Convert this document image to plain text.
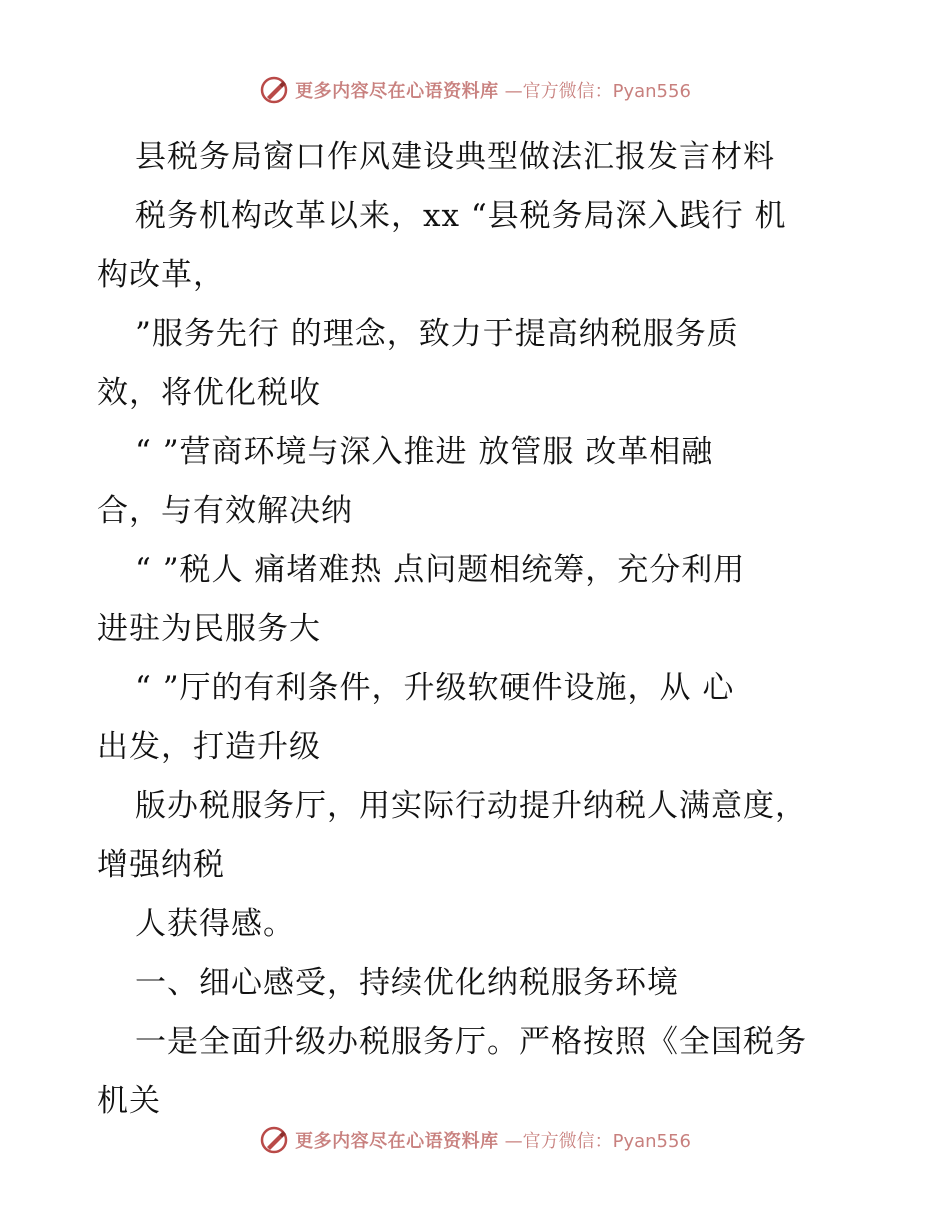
更多内容尽在心语资料库 —官方微信：Pyan556
县税务局窗口作风建设典型做法汇报发言材料
税务机构改革以来，xx “县税务局深入践行 机
构改革，
”服务先行 的理念，致力于提高纳税服务质
效，将优化税收
“ ”营商环境与深入推进 放管服 改革相融
合，与有效解决纳
“ ”税人 痛堵难热 点问题相统筹，充分利用
进驻为民服务大
“ ”厅的有利条件，升级软硬件设施，从 心
出发，打造升级
版办税服务厅，用实际行动提升纳税人满意度，
增强纳税
人获得感。
一、细心感受，持续优化纳税服务环境
一是全面升级办税服务厅。严格按照《全国税务
机关
更多内容尽在心语资料库 —官方微信：Pyan556
